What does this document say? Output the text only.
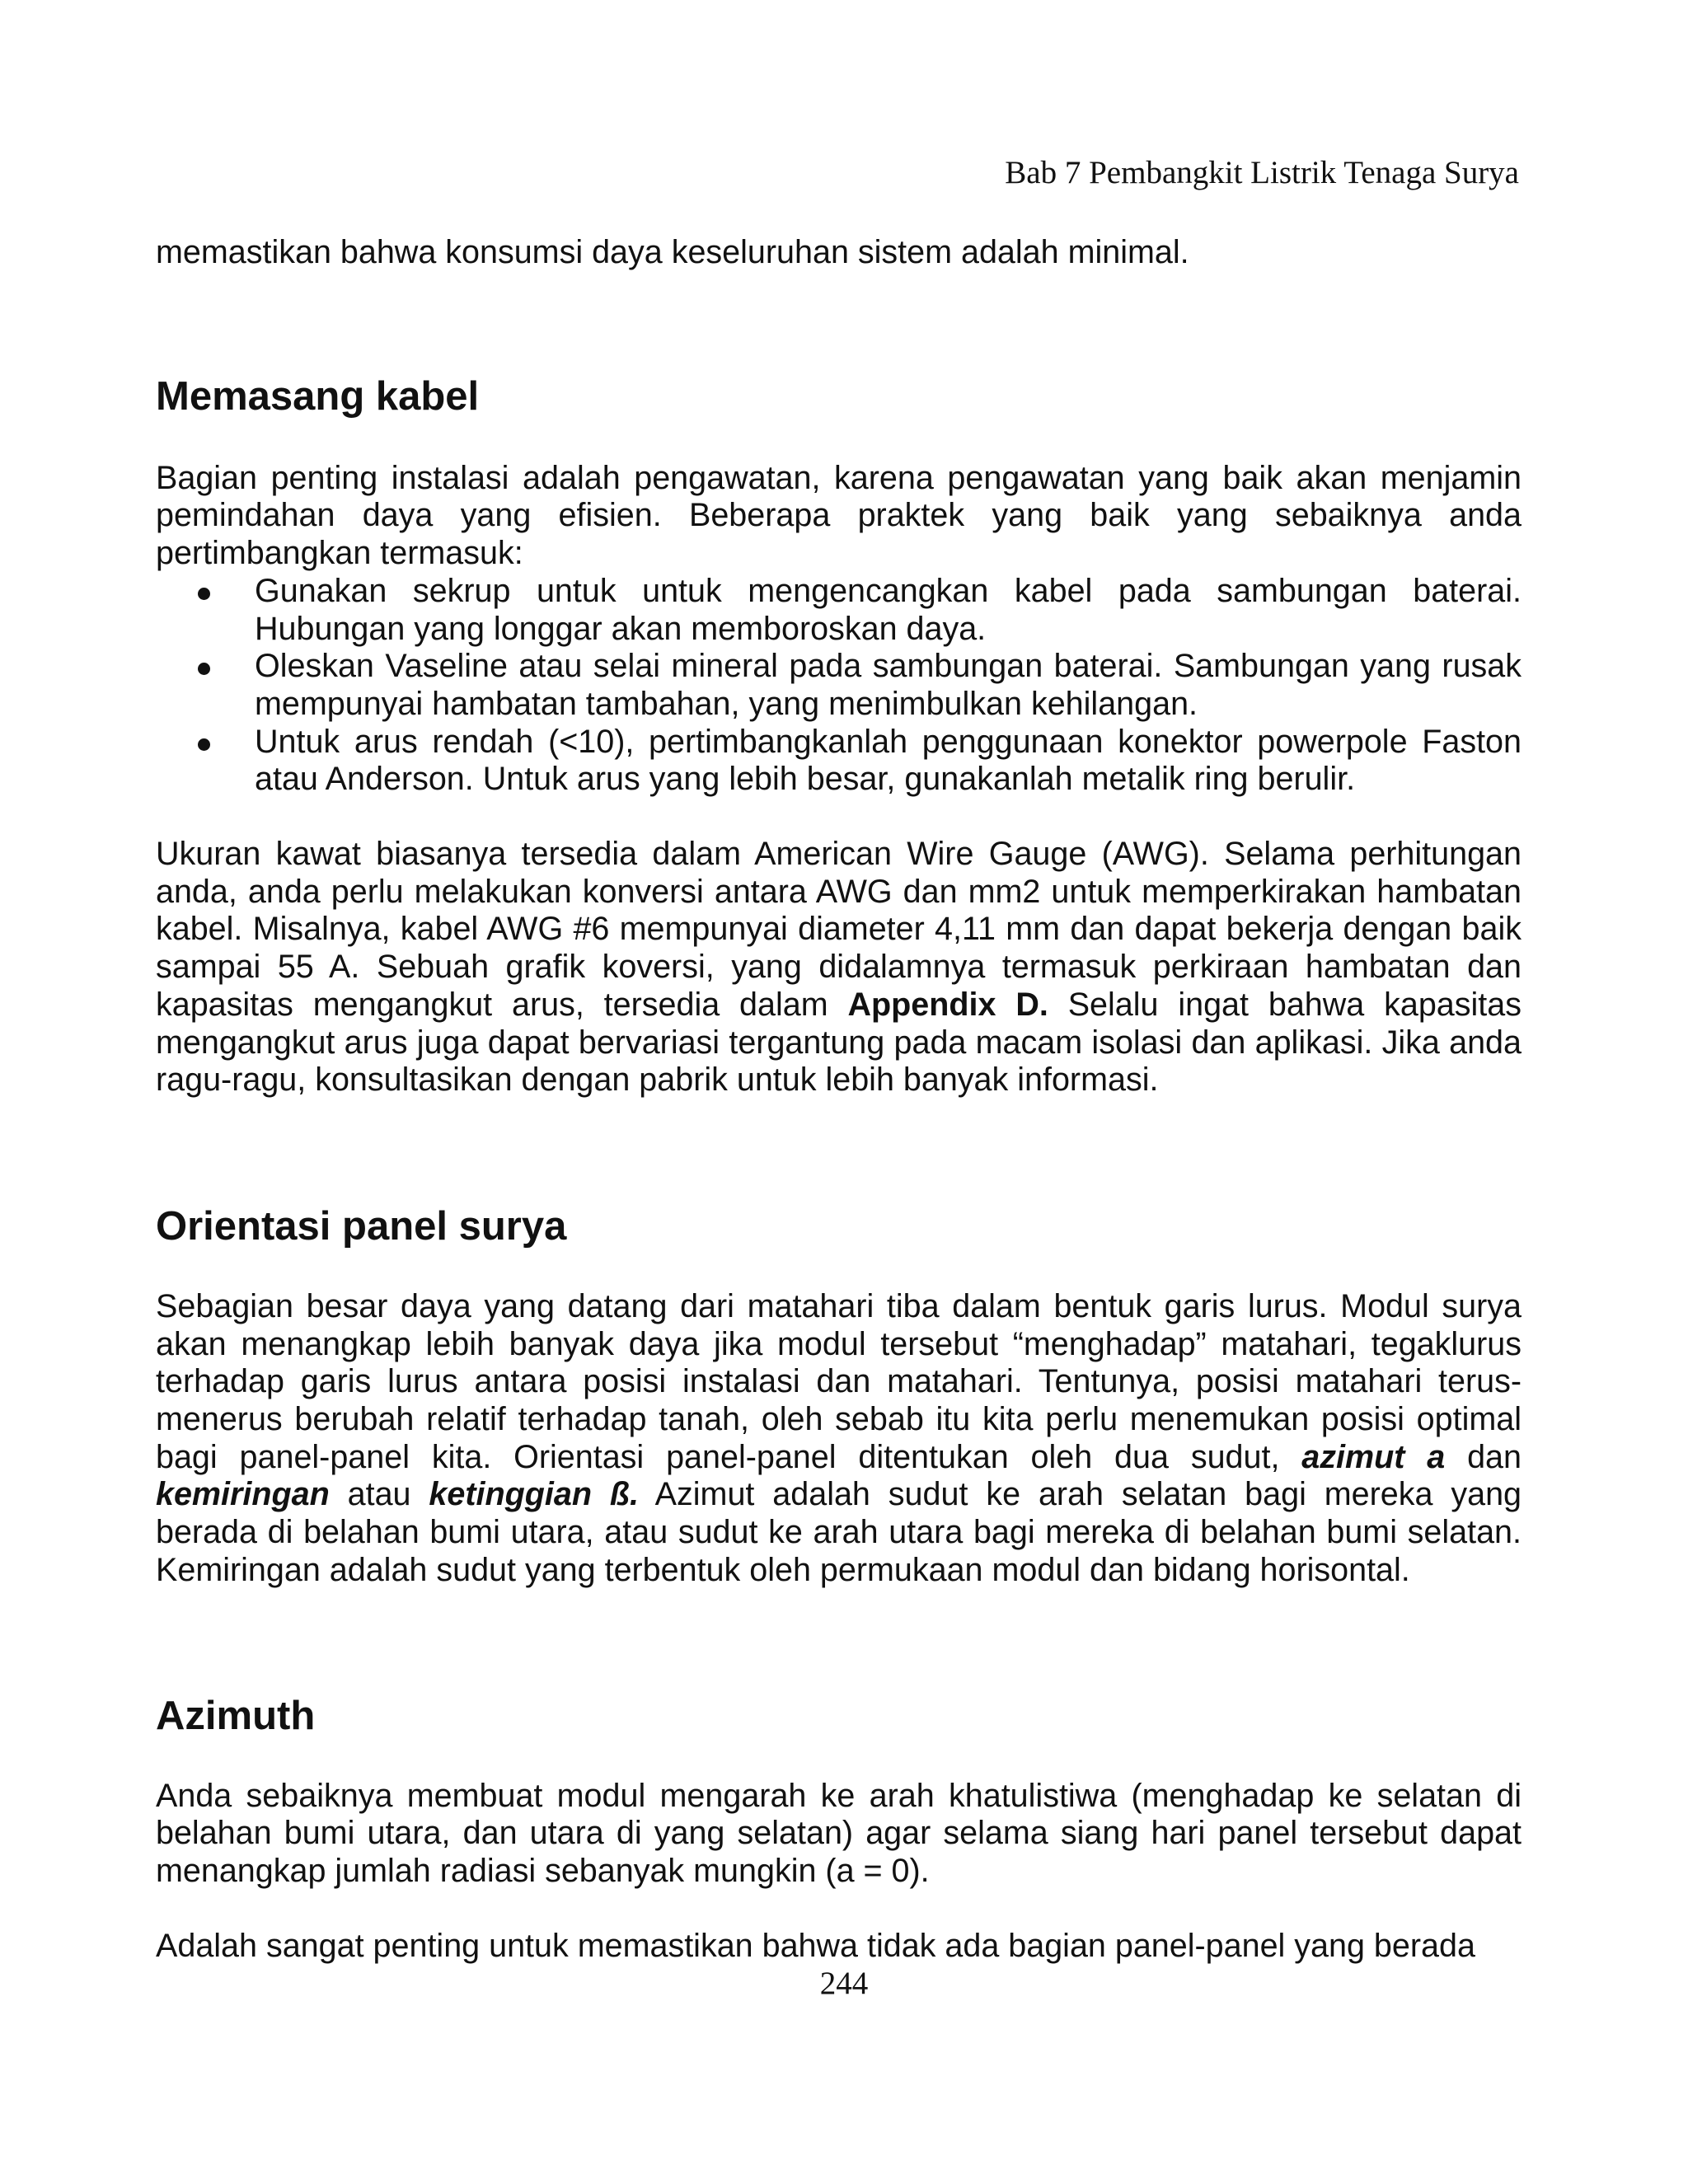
Bab 7 Pembangkit Listrik Tenaga Surya

memastikan bahwa konsumsi daya keseluruhan sistem adalah minimal.

Memasang kabel

Bagian penting instalasi adalah pengawatan, karena pengawatan yang baik akan menjamin pemindahan daya yang efisien. Beberapa praktek yang baik yang sebaiknya anda pertimbangkan termasuk:

Gunakan sekrup untuk untuk mengencangkan kabel pada sambungan baterai. Hubungan yang longgar akan memboroskan daya.
Oleskan Vaseline atau selai mineral pada sambungan baterai. Sambungan yang rusak mempunyai hambatan tambahan, yang menimbulkan kehilangan.
Untuk arus rendah (<10), pertimbangkanlah penggunaan konektor powerpole Faston atau Anderson. Untuk arus yang lebih besar, gunakanlah metalik ring berulir.

Ukuran kawat biasanya tersedia dalam American Wire Gauge (AWG). Selama perhitungan anda, anda perlu melakukan konversi antara AWG dan mm2 untuk memperkirakan hambatan kabel. Misalnya, kabel AWG #6 mempunyai diameter 4,11 mm dan dapat bekerja dengan baik sampai 55 A. Sebuah grafik koversi, yang didalamnya termasuk perkiraan hambatan dan kapasitas mengangkut arus, tersedia dalam Appendix D. Selalu ingat bahwa kapasitas mengangkut arus juga dapat bervariasi tergantung pada macam isolasi dan aplikasi. Jika anda ragu-ragu, konsultasikan dengan pabrik untuk lebih banyak informasi.

Orientasi panel surya

Sebagian besar daya yang datang dari matahari tiba dalam bentuk garis lurus. Modul surya akan menangkap lebih banyak daya jika modul tersebut “menghadap” matahari, tegaklurus terhadap garis lurus antara posisi instalasi dan matahari. Tentunya, posisi matahari terus-menerus berubah relatif terhadap tanah, oleh sebab itu kita perlu menemukan posisi optimal bagi panel-panel kita. Orientasi panel-panel ditentukan oleh dua sudut, azimut a dan kemiringan atau ketinggian ß. Azimut adalah sudut ke arah selatan bagi mereka yang berada di belahan bumi utara, atau sudut ke arah utara bagi mereka di belahan bumi selatan. Kemiringan adalah sudut yang terbentuk oleh permukaan modul dan bidang horisontal.

Azimuth

Anda sebaiknya membuat modul mengarah ke arah khatulistiwa (menghadap ke selatan di belahan bumi utara, dan utara di yang selatan) agar selama siang hari panel tersebut dapat menangkap jumlah radiasi sebanyak mungkin (a = 0).

Adalah sangat penting untuk memastikan bahwa tidak ada bagian panel-panel yang berada

244
